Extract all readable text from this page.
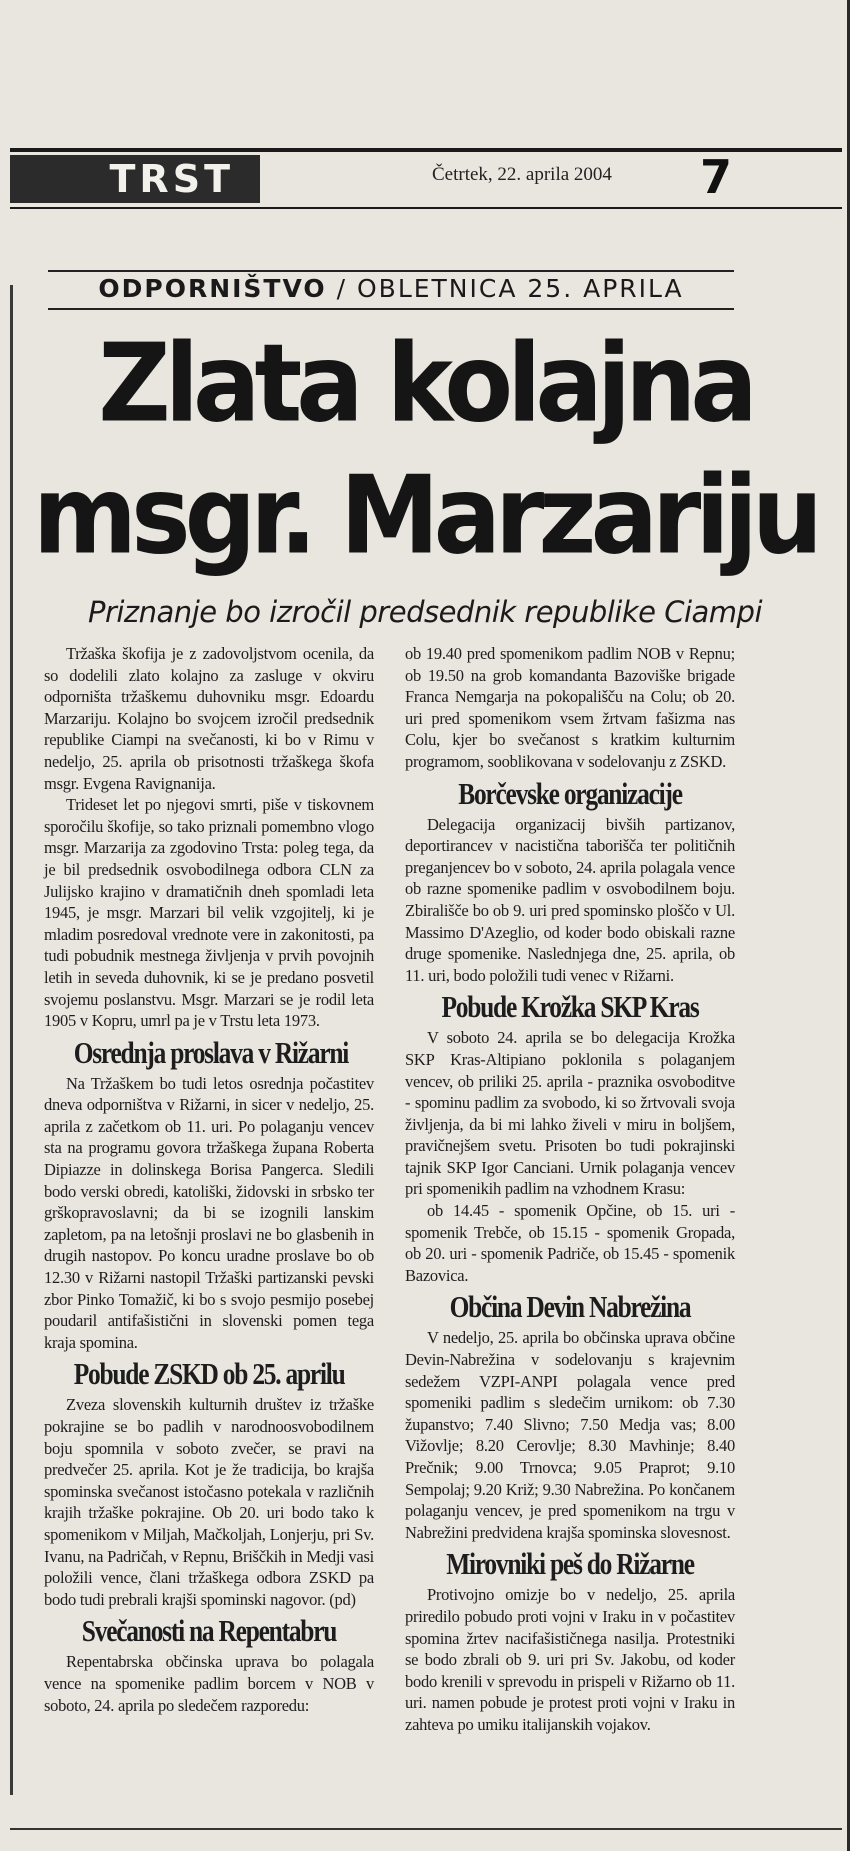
TRST	Četrtek, 22. aprila 2004 7
ODPORNIŠTVO / OBLETNICA 25. APRILA
Zlata kolajna
msgr. Marzariju
Priznanje bo izročil predsednik republike Ciampi

Tržaška škofija je z zadovoljstvom ocenila, da so dodelili zlato kolajno za zasluge v okviru odporništa tržaškemu duhovniku msgr. Edoardu Marzariju. Kolajno bo svojcem izročil predsednik republike Ciampi na svečanosti, ki bo v Rimu v nedeljo, 25. aprila ob prisotnosti tržaškega škofa msgr. Evgena Ravignanija.

Trideset let po njegovi smrti, piše v tiskovnem sporočilu škofije, so tako priznali pomembno vlogo msgr. Marzarija za zgodovino Trsta: poleg tega, da je bil predsednik osvobodilnega odbora CLN za Julijsko krajino v dramatičnih dneh spomladi leta 1945, je msgr. Marzari bil velik vzgojitelj, ki je mladim posredoval vrednote vere in zakonitosti, pa tudi pobudnik mestnega življenja v prvih povojnih letih in seveda duhovnik, ki se je predano posvetil svojemu poslanstvu. Msgr. Marzari se je rodil leta 1905 v Kopru, umrl pa je v Trstu leta 1973.

Osrednja proslava v Rižarni

Na Tržaškem bo tudi letos osrednja počastitev dneva odporništva v Rižarni, in sicer v nedeljo, 25. aprila z začetkom ob 11. uri. Po polaganju vencev sta na programu govora tržaškega župana Roberta Dipiazze in dolinskega Borisa Pangerca. Sledili bodo verski obredi, katoliški, židovski in srbsko ter grškopravoslavni; da bi se izognili lanskim zapletom, pa na letošnji proslavi ne bo glasbenih in drugih nastopov. Po koncu uradne proslave bo ob 12.30 v Rižarni nastopil Tržaški partizanski pevski zbor Pinko Tomažič, ki bo s svojo pesmijo posebej poudaril antifašistični in slovenski pomen tega kraja spomina.

Pobude ZSKD ob 25. aprilu

Zveza slovenskih kulturnih društev iz tržaške pokrajine se bo padlih v narodnoosvobodilnem boju spomnila v soboto zvečer, se pravi na predvečer 25. aprila. Kot je že tradicija, bo krajša spominska svečanost istočasno potekala v različnih krajih tržaške pokrajine. Ob 20. uri bodo tako k spomenikom v Miljah, Mačkoljah, Lonjerju, pri Sv. Ivanu, na Padričah, v Repnu, Briščkih in Medji vasi položili vence, člani tržaškega odbora ZSKD pa bodo tudi prebrali krajši spominski nagovor. (pd)

Svečanosti na Repentabru

Repentabrska občinska uprava bo polagala vence na spomenike padlim borcem v NOB v soboto, 24. aprila po sledečem razporedu:

ob 19.40 pred spomenikom padlim NOB v Repnu; ob 19.50 na grob komandanta Bazoviške brigade Franca Nemgarja na pokopališču na Colu; ob 20. uri pred spomenikom vsem žrtvam fašizma nas Colu, kjer bo svečanost s kratkim kulturnim programom, sooblikovana v sodelovanju z ZSKD.

Borčevske organizacije

Delegacija organizacij bivših partizanov, deportirancev v nacistična taborišča ter političnih preganjencev bo v soboto, 24. aprila polagala vence ob razne spomenike padlim v osvobodilnem boju. Zbirališče bo ob 9. uri pred spominsko ploščo v Ul. Massimo D'Azeglio, od koder bodo obiskali razne druge spomenike. Naslednjega dne, 25. aprila, ob 11. uri, bodo položili tudi venec v Rižarni.

Pobude Krožka SKP Kras

V soboto 24. aprila se bo delegacija Krožka SKP Kras-Altipiano poklonila s polaganjem vencev, ob priliki 25. aprila - praznika osvoboditve - spominu padlim za svobodo, ki so žrtvovali svoja življenja, da bi mi lahko živeli v miru in boljšem, pravičnejšem svetu. Prisoten bo tudi pokrajinski tajnik SKP Igor Canciani. Urnik polaganja vencev pri spomenikih padlim na vzhodnem Krasu:

ob 14.45 - spomenik Opčine, ob 15. uri - spomenik Trebče, ob 15.15 - spomenik Gropada, ob 20. uri - spomenik Padriče, ob 15.45 - spomenik Bazovica.

Občina Devin Nabrežina

V nedeljo, 25. aprila bo občinska uprava občine Devin-Nabrežina v sodelovanju s krajevnim sedežem VZPI-ANPI polagala vence pred spomeniki padlim s sledečim urnikom: ob 7.30 županstvo; 7.40 Slivno; 7.50 Medja vas; 8.00 Vižovlje; 8.20 Cerovlje; 8.30 Mavhinje; 8.40 Prečnik; 9.00 Trnovca; 9.05 Praprot; 9.10 Sempolaj; 9.20 Križ; 9.30 Nabrežina. Po končanem polaganju vencev, je pred spomenikom na trgu v Nabrežini predvidena krajša spominska slovesnost.

Mirovniki peš do Rižarne

Protivojno omizje bo v nedeljo, 25. aprila priredilo pobudo proti vojni v Iraku in v počastitev spomina žrtev nacifašističnega nasilja. Protestniki se bodo zbrali ob 9. uri pri Sv. Jakobu, od koder bodo krenili v sprevodu in prispeli v Rižarno ob 11. uri. namen pobude je protest proti vojni v Iraku in zahteva po umiku italijanskih vojakov.
